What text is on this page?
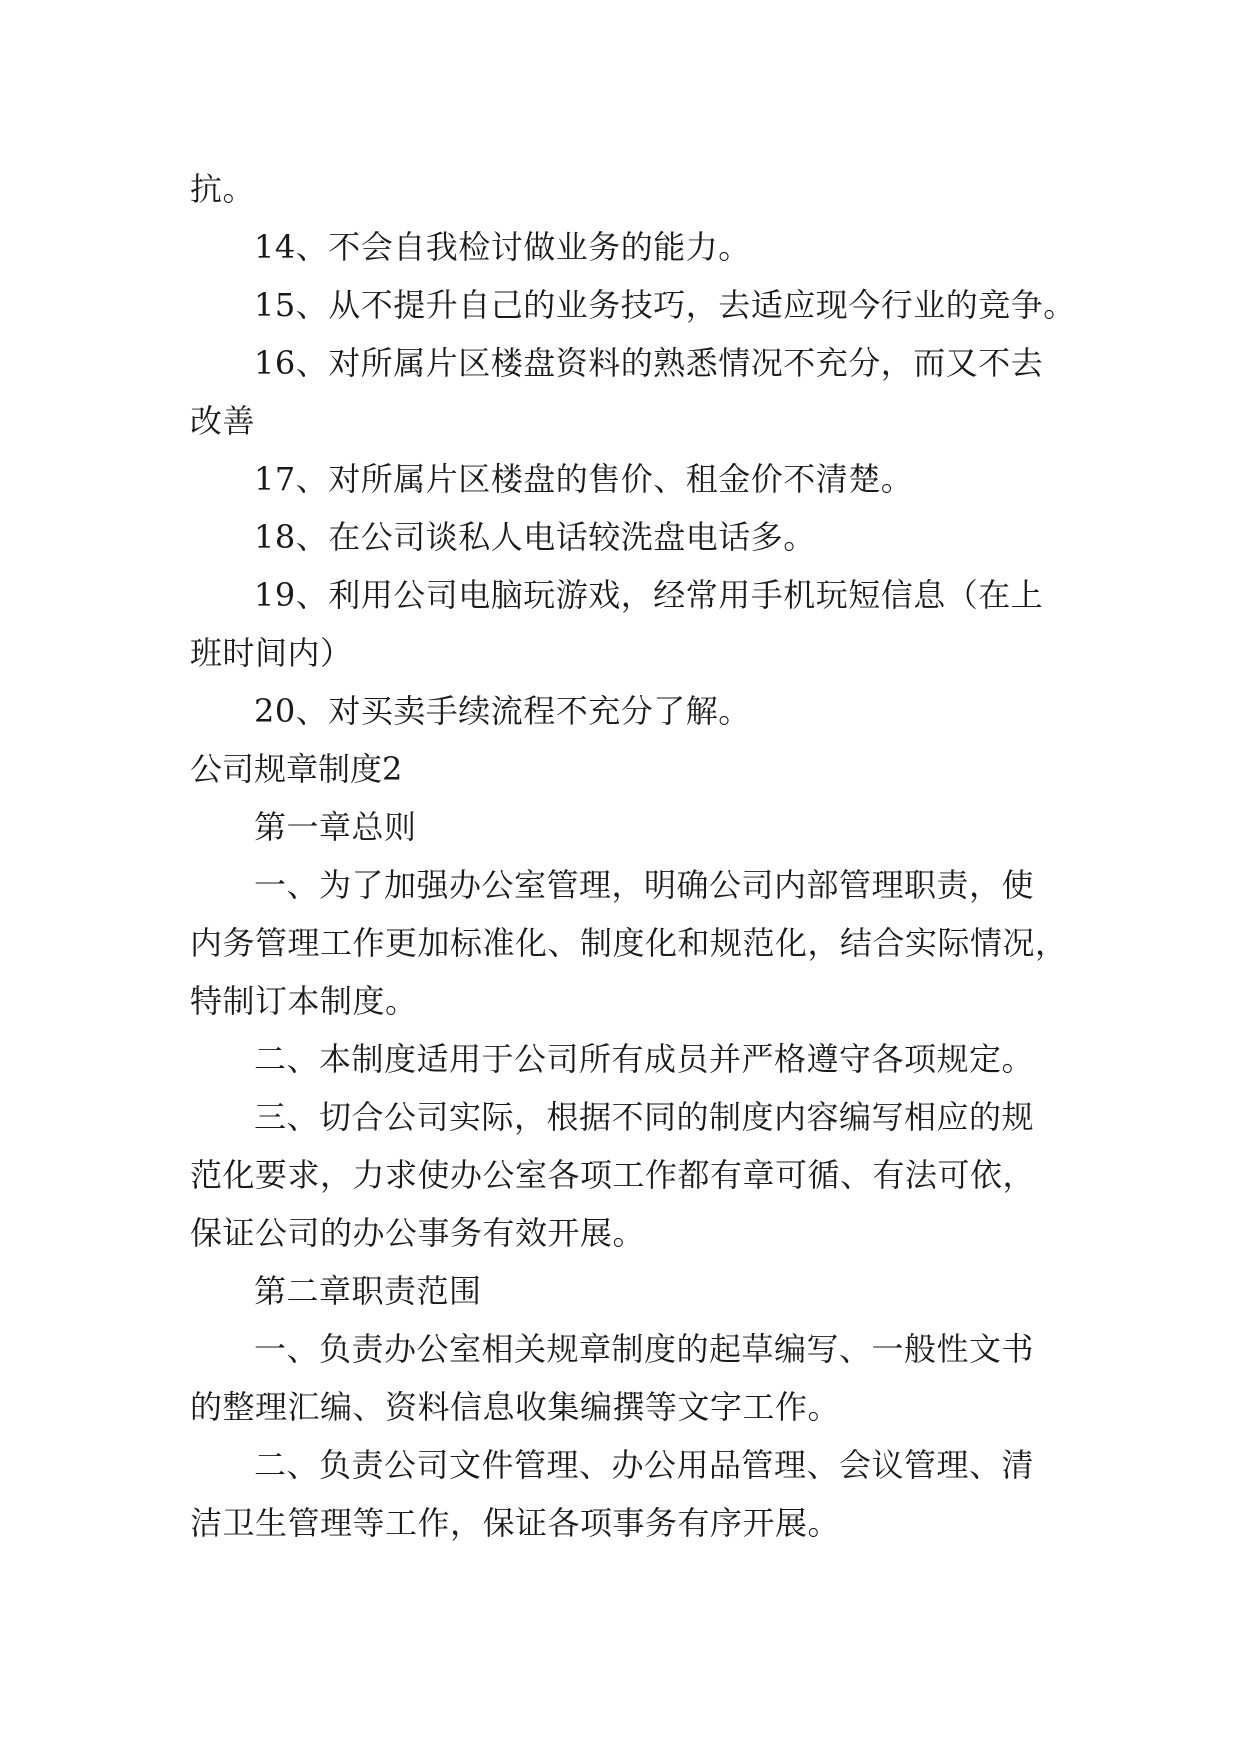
抗。
14、不会自我检讨做业务的能力。
15、从不提升自己的业务技巧，去适应现今行业的竞争。
16、对所属片区楼盘资料的熟悉情况不充分，而又不去
改善
17、对所属片区楼盘的售价、租金价不清楚。
18、在公司谈私人电话较洗盘电话多。
19、利用公司电脑玩游戏，经常用手机玩短信息（在上
班时间内）
20、对买卖手续流程不充分了解。
公司规章制度2
第一章总则
一、为了加强办公室管理，明确公司内部管理职责，使
内务管理工作更加标准化、制度化和规范化，结合实际情况，
特制订本制度。
二、本制度适用于公司所有成员并严格遵守各项规定。
三、切合公司实际，根据不同的制度内容编写相应的规
范化要求，力求使办公室各项工作都有章可循、有法可依，
保证公司的办公事务有效开展。
第二章职责范围
一、负责办公室相关规章制度的起草编写、一般性文书
的整理汇编、资料信息收集编撰等文字工作。
二、负责公司文件管理、办公用品管理、会议管理、清
洁卫生管理等工作，保证各项事务有序开展。
